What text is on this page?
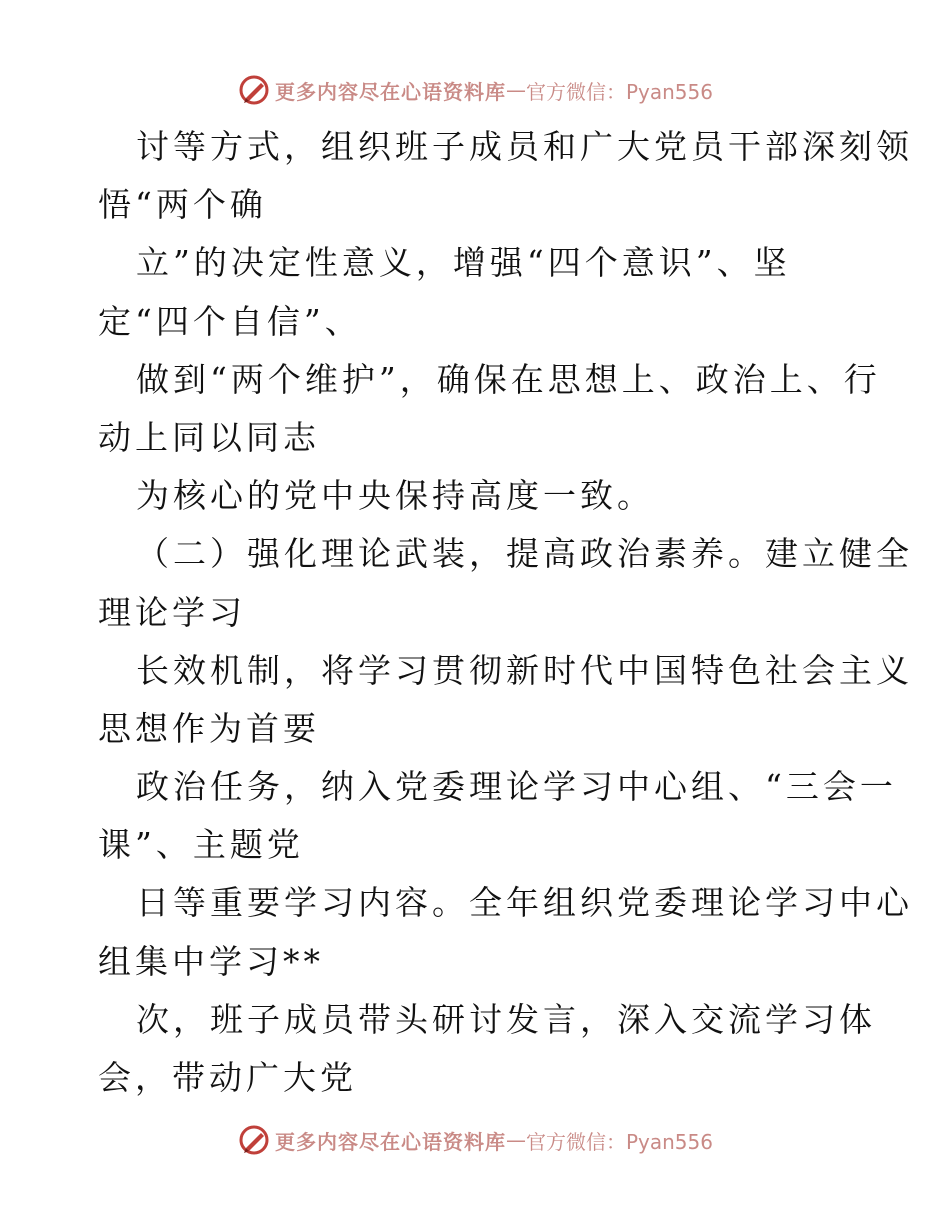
更多内容尽在心语资料库 — 官方微信：Pyan556
讨等方式，组织班子成员和广大党员干部深刻领
悟“两个确
立”的决定性意义，增强“四个意识”、坚
定“四个自信”、
做到“两个维护”，确保在思想上、政治上、行
动上同以同志
为核心的党中央保持高度一致。
（二）强化理论武装，提高政治素养。建立健全
理论学习
长效机制，将学习贯彻新时代中国特色社会主义
思想作为首要
政治任务，纳入党委理论学习中心组、“三会一
课”、主题党
日等重要学习内容。全年组织党委理论学习中心
组集中学习**
次，班子成员带头研讨发言，深入交流学习体
会，带动广大党
更多内容尽在心语资料库 — 官方微信：Pyan556
